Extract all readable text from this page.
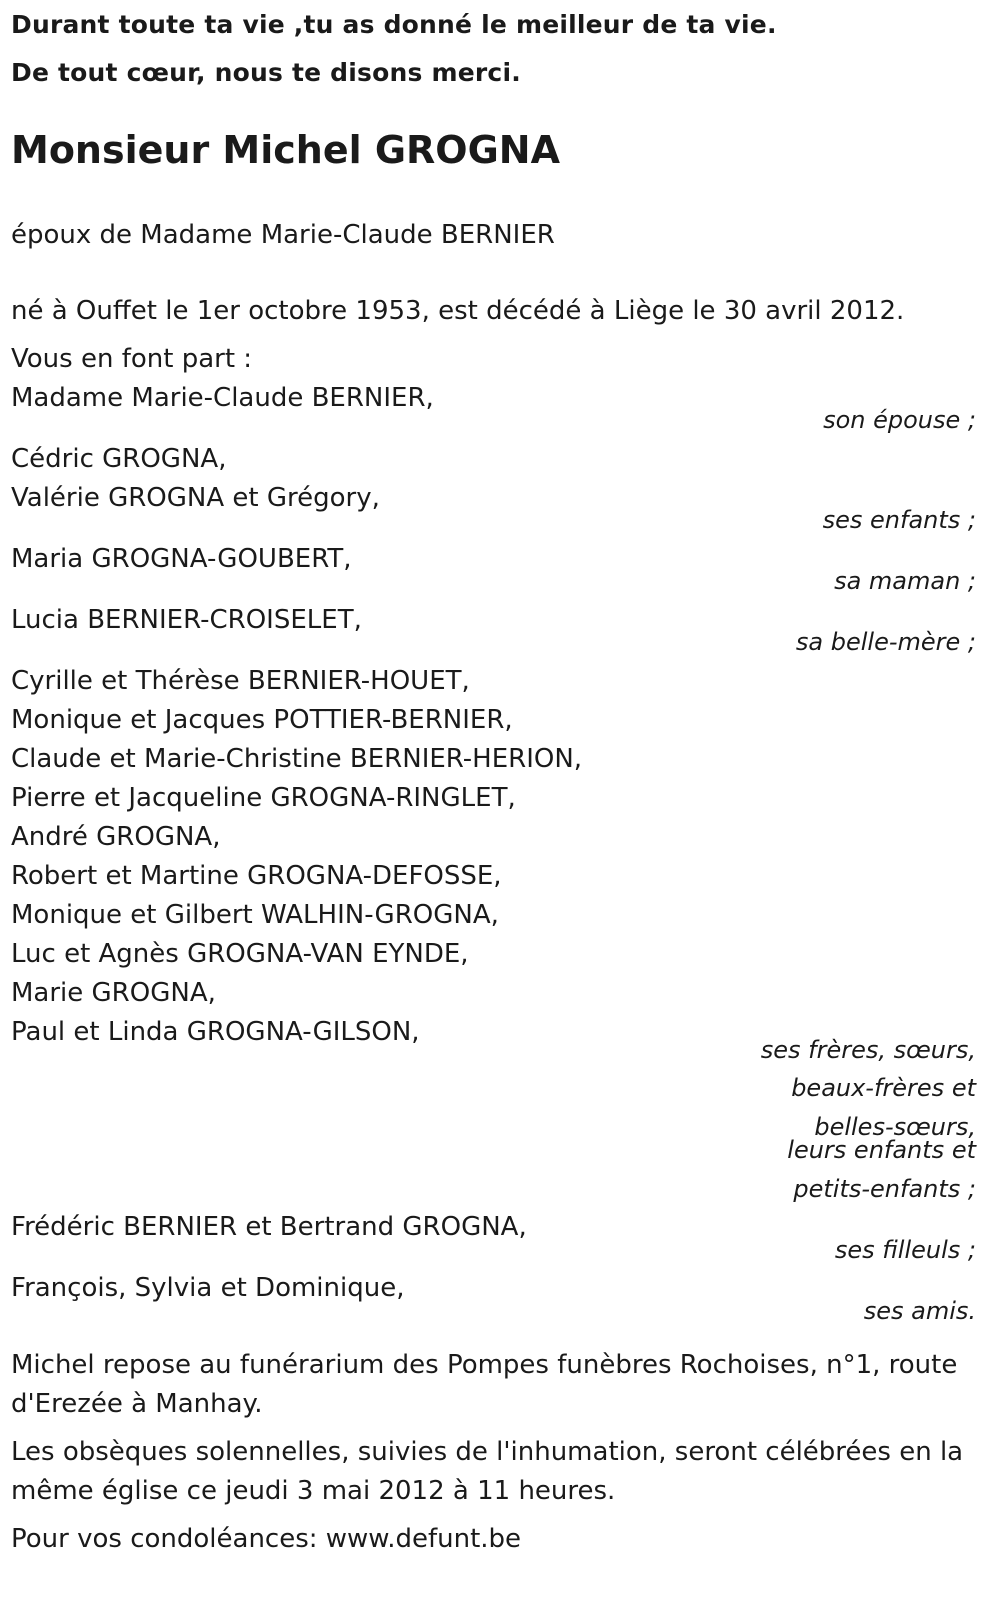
Durant toute ta vie ,tu as donné le meilleur de ta vie.
De tout cœur, nous te disons merci.
Monsieur Michel GROGNA
époux de Madame Marie-Claude BERNIER
né à Ouffet le 1er octobre 1953, est décédé à Liège le 30 avril 2012.
Vous en font part :
Madame Marie-Claude BERNIER,
son épouse ;
Cédric GROGNA,
Valérie GROGNA et Grégory,
ses enfants ;
Maria GROGNA-GOUBERT,
sa maman ;
Lucia BERNIER-CROISELET,
sa belle-mère ;
Cyrille et Thérèse BERNIER-HOUET,
Monique et Jacques POTTIER-BERNIER,
Claude et Marie-Christine BERNIER-HERION,
Pierre et Jacqueline GROGNA-RINGLET,
André GROGNA,
Robert et Martine GROGNA-DEFOSSE,
Monique et Gilbert WALHIN-GROGNA,
Luc et Agnès GROGNA-VAN EYNDE,
Marie GROGNA,
Paul et Linda GROGNA-GILSON,
ses frères, sœurs,
beaux-frères et
belles-sœurs,
leurs enfants et
petits-enfants ;
Frédéric BERNIER et Bertrand GROGNA,
ses filleuls ;
François, Sylvia et Dominique,
ses amis.
Michel repose au funérarium des Pompes funèbres Rochoises, n°1, route
d'Erezée à Manhay.
Les obsèques solennelles, suivies de l'inhumation, seront célébrées en la
même église ce jeudi 3 mai 2012 à 11 heures.
Pour vos condoléances: www.defunt.be
